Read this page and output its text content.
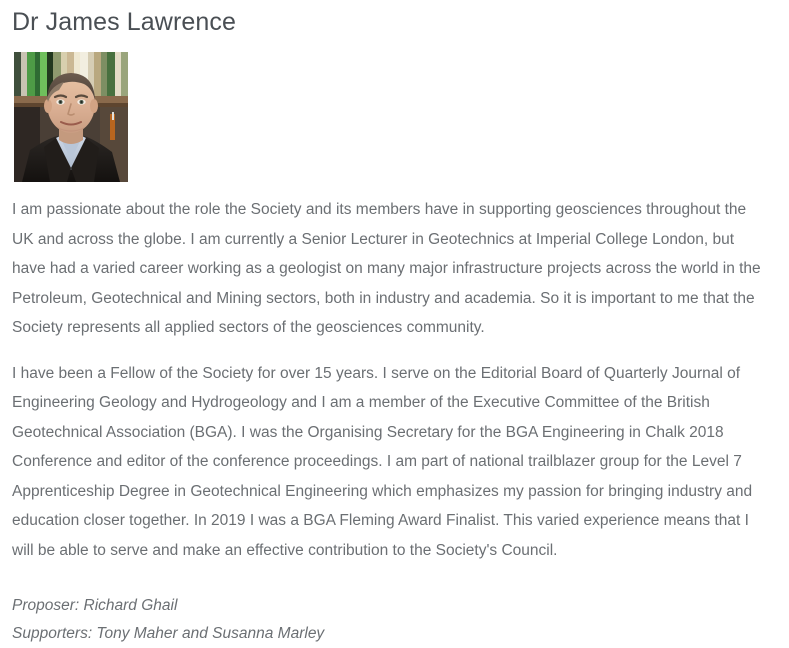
Dr James Lawrence

I am passionate about the role the Society and its members have in supporting geosciences throughout the UK and across the globe. I am currently a Senior Lecturer in Geotechnics at Imperial College London, but have had a varied career working as a geologist on many major infrastructure projects across the world in the Petroleum, Geotechnical and Mining sectors, both in industry and academia. So it is important to me that the Society represents all applied sectors of the geosciences community.

I have been a Fellow of the Society for over 15 years. I serve on the Editorial Board of Quarterly Journal of Engineering Geology and Hydrogeology and I am a member of the Executive Committee of the British Geotechnical Association (BGA). I was the Organising Secretary for the BGA Engineering in Chalk 2018 Conference and editor of the conference proceedings. I am part of national trailblazer group for the Level 7 Apprenticeship Degree in Geotechnical Engineering which emphasizes my passion for bringing industry and education closer together. In 2019 I was a BGA Fleming Award Finalist. This varied experience means that I will be able to serve and make an effective contribution to the Society's Council.

Proposer: Richard Ghail

Supporters: Tony Maher and Susanna Marley
